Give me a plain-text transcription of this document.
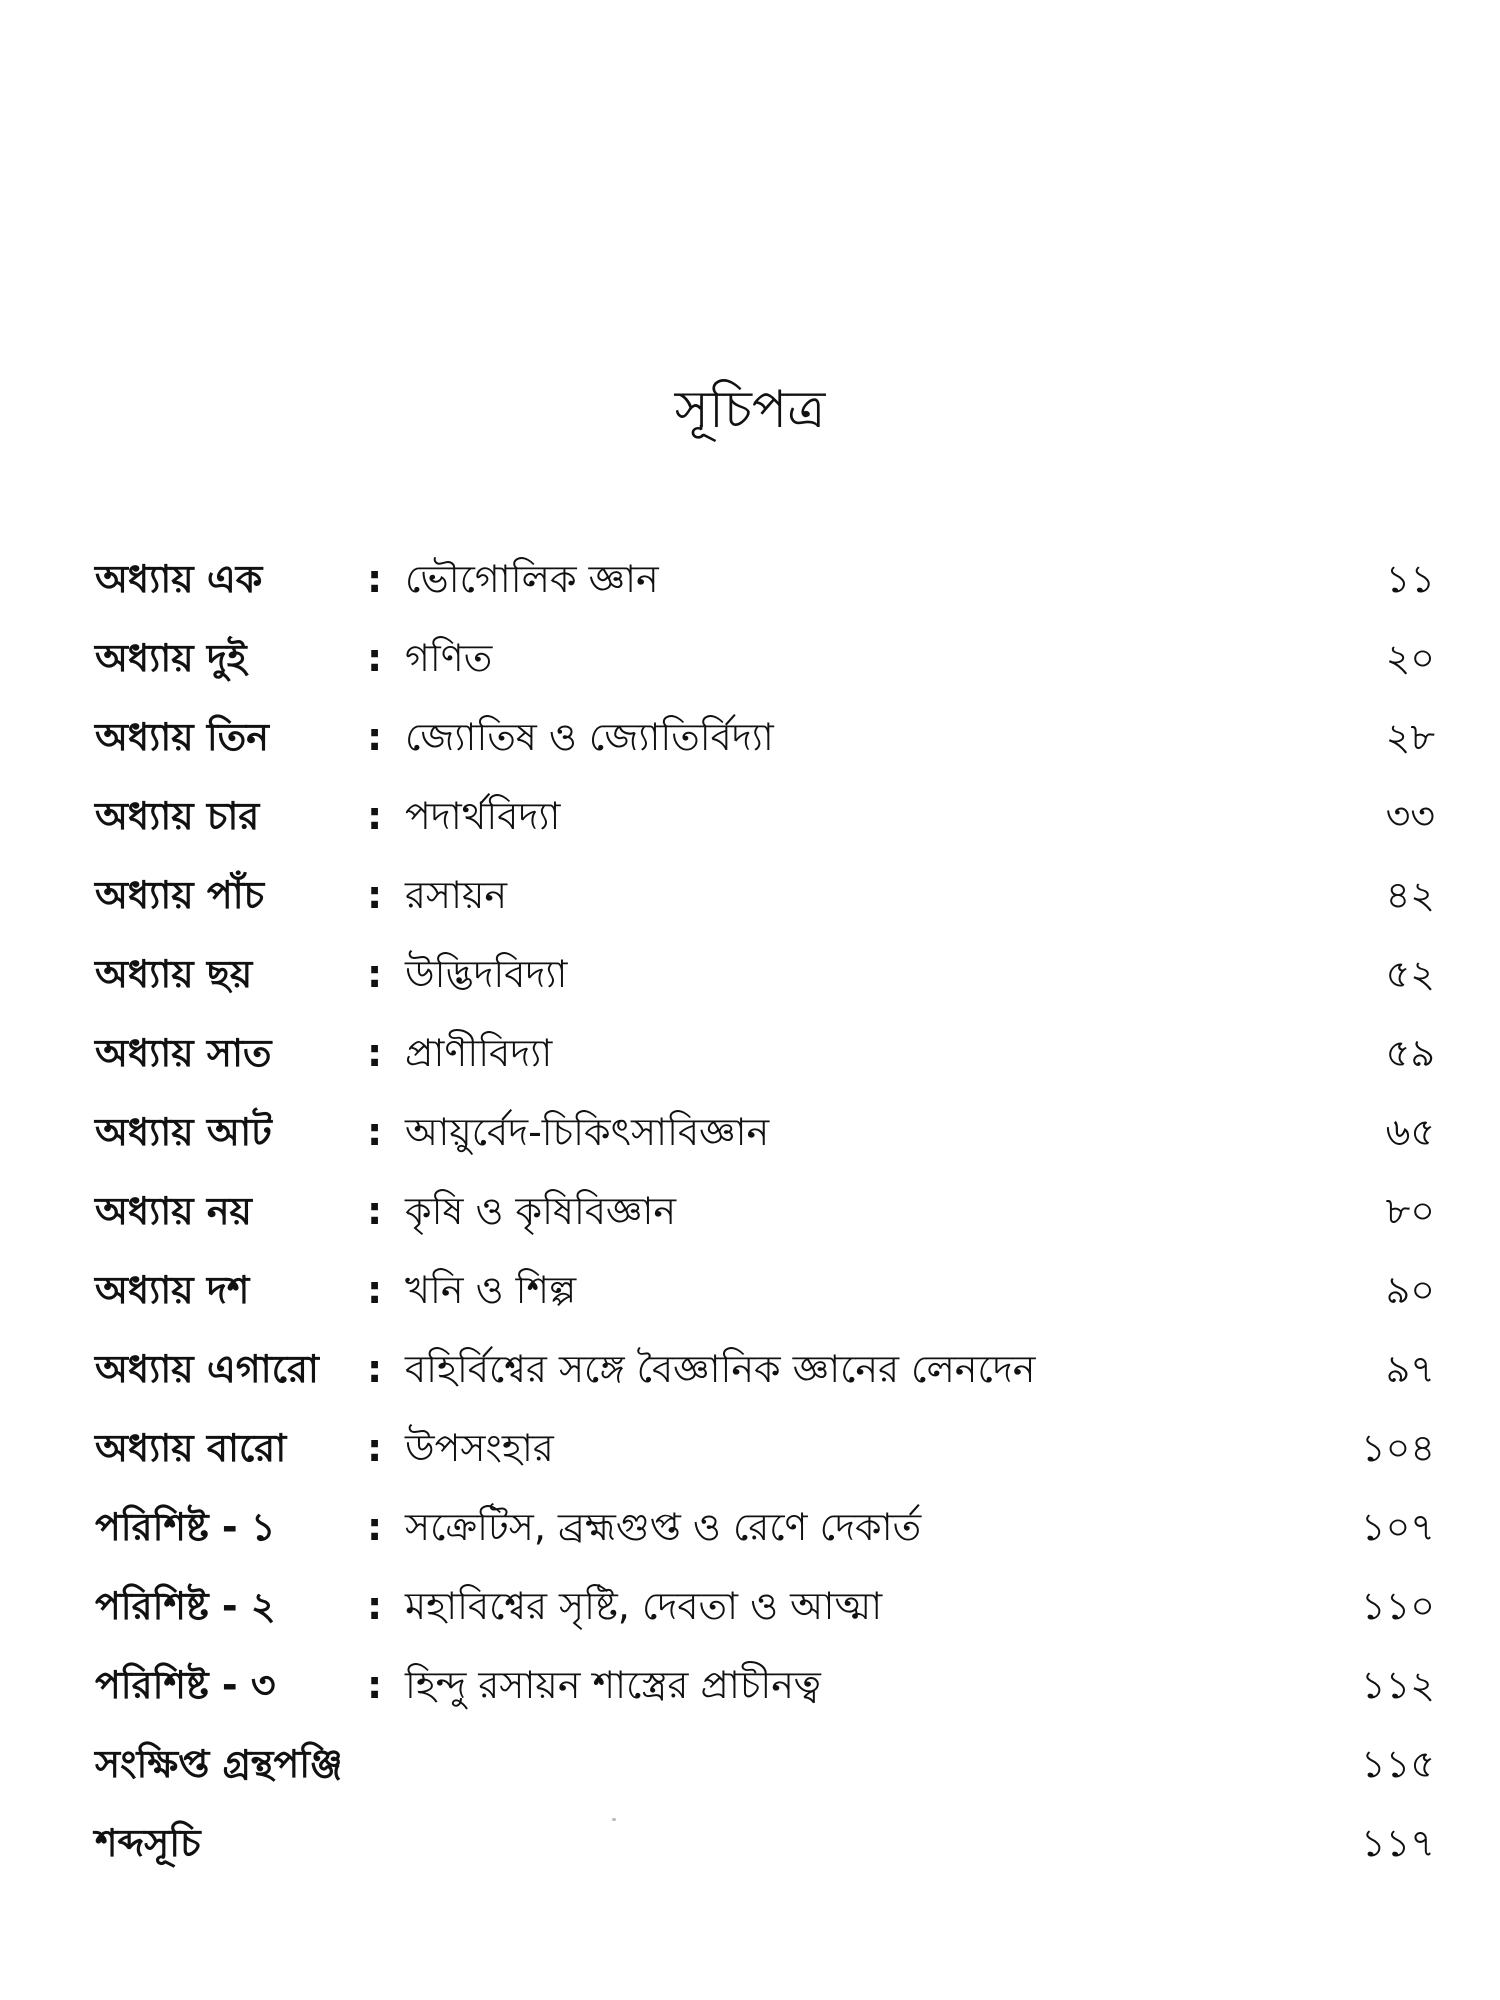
সূচিপত্র
অধ্যায় এক	: ভৌগোলিক জ্ঞান	১১
অধ্যায় দুই	: গণিত	২০
অধ্যায় তিন	: জ্যোতিষ ও জ্যোতির্বিদ্যা	২৮
অধ্যায় চার	: পদার্থবিদ্যা	৩৩
অধ্যায় পাঁচ	: রসায়ন	৪২
অধ্যায় ছয়	: উদ্ভিদবিদ্যা	৫২
অধ্যায় সাত	: প্রাণীবিদ্যা	৫৯
অধ্যায় আট	: আয়ুর্বেদ-চিকিৎসাবিজ্ঞান	৬৫
অধ্যায় নয়	: কৃষি ও কৃষিবিজ্ঞান	৮০
অধ্যায় দশ	: খনি ও শিল্প	৯০
অধ্যায় এগারো : বহির্বিশ্বের সঙ্গে বৈজ্ঞানিক জ্ঞানের লেনদেন	৯৭
অধ্যায় বারো : উপসংহার	১০৪
পরিশিষ্ট - ১ : সক্রেটিস, ব্রহ্মগুপ্ত ও রেণে দেকার্ত	১০৭
পরিশিষ্ট - ২ : মহাবিশ্বের সৃষ্টি, দেবতা ও আত্মা	১১০
পরিশিষ্ট - ৩ : হিন্দু রসায়ন শাস্ত্রের প্রাচীনত্ব	১১২
সংক্ষিপ্ত গ্রন্থপঞ্জি	১১৫
শব্দসূচি	১১৭
